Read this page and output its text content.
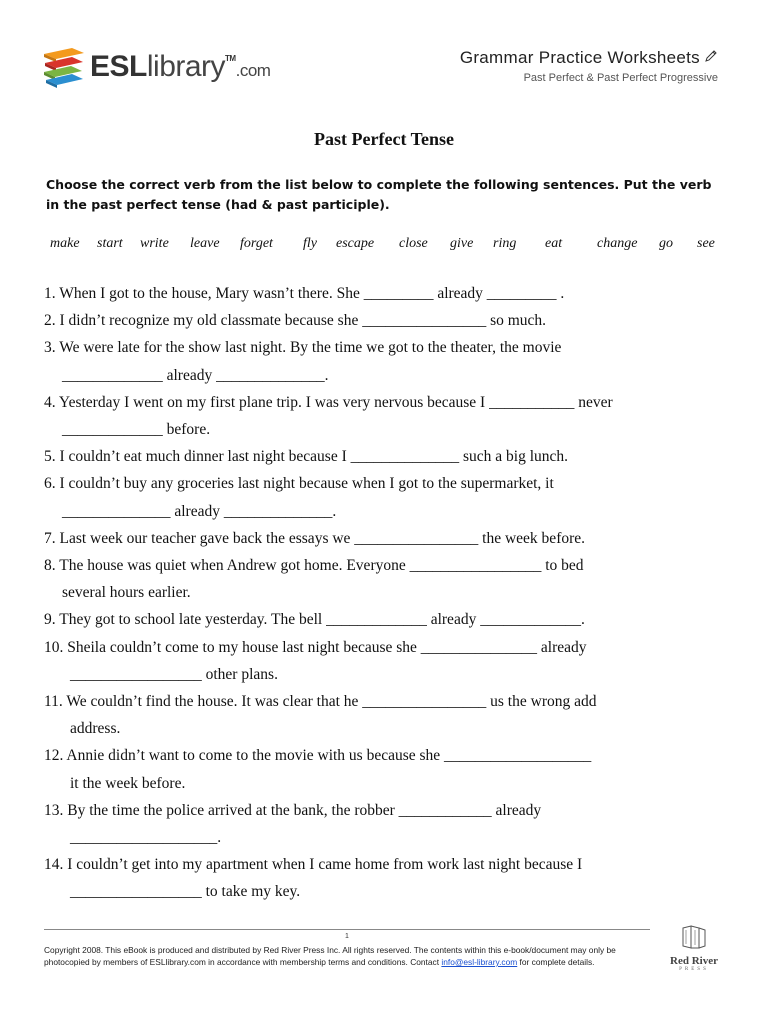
ESLlibrary™.com
Grammar Practice Worksheets
Past Perfect & Past Perfect Progressive
Past Perfect Tense
Choose the correct verb from the list below to complete the following sentences. Put the verb in the past perfect tense (had & past participle).
make start write leave forget fly escape close give ring eat change go see

1. When I got to the house, Mary wasn’t there. She _________ already _________ .

2. I didn’t recognize my old classmate because she ________________ so much.

3. We were late for the show last night. By the time we got to the theater, the movie
_____________ already ______________.

4. Yesterday I went on my first plane trip. I was very nervous because I ___________ never
_____________ before.

5. I couldn’t eat much dinner last night because I ______________ such a big lunch.

6. I couldn’t buy any groceries last night because when I got to the supermarket, it
______________ already ______________.

7. Last week our teacher gave back the essays we ________________ the week before.

8. The house was quiet when Andrew got home. Everyone _________________ to bed
several hours earlier.

9. They got to school late yesterday. The bell _____________ already _____________.

10. Sheila couldn’t come to my house last night because she _______________ already
_________________ other plans.

11. We couldn’t find the house. It was clear that he ________________ us the wrong add
address.

12. Annie didn’t want to come to the movie with us because she ___________________
it the week before.

13. By the time the police arrived at the bank, the robber ____________ already
___________________.

14. I couldn’t get into my apartment when I came home from work last night because I
_________________ to take my key.

1
Copyright 2008. This eBook is produced and distributed by Red River Press Inc. All rights reserved. The contents within this e-book/document may only be photocopied by members of ESLlibrary.com in accordance with membership terms and conditions. Contact info@esl-library.com for complete details.	Red River
PRESS
